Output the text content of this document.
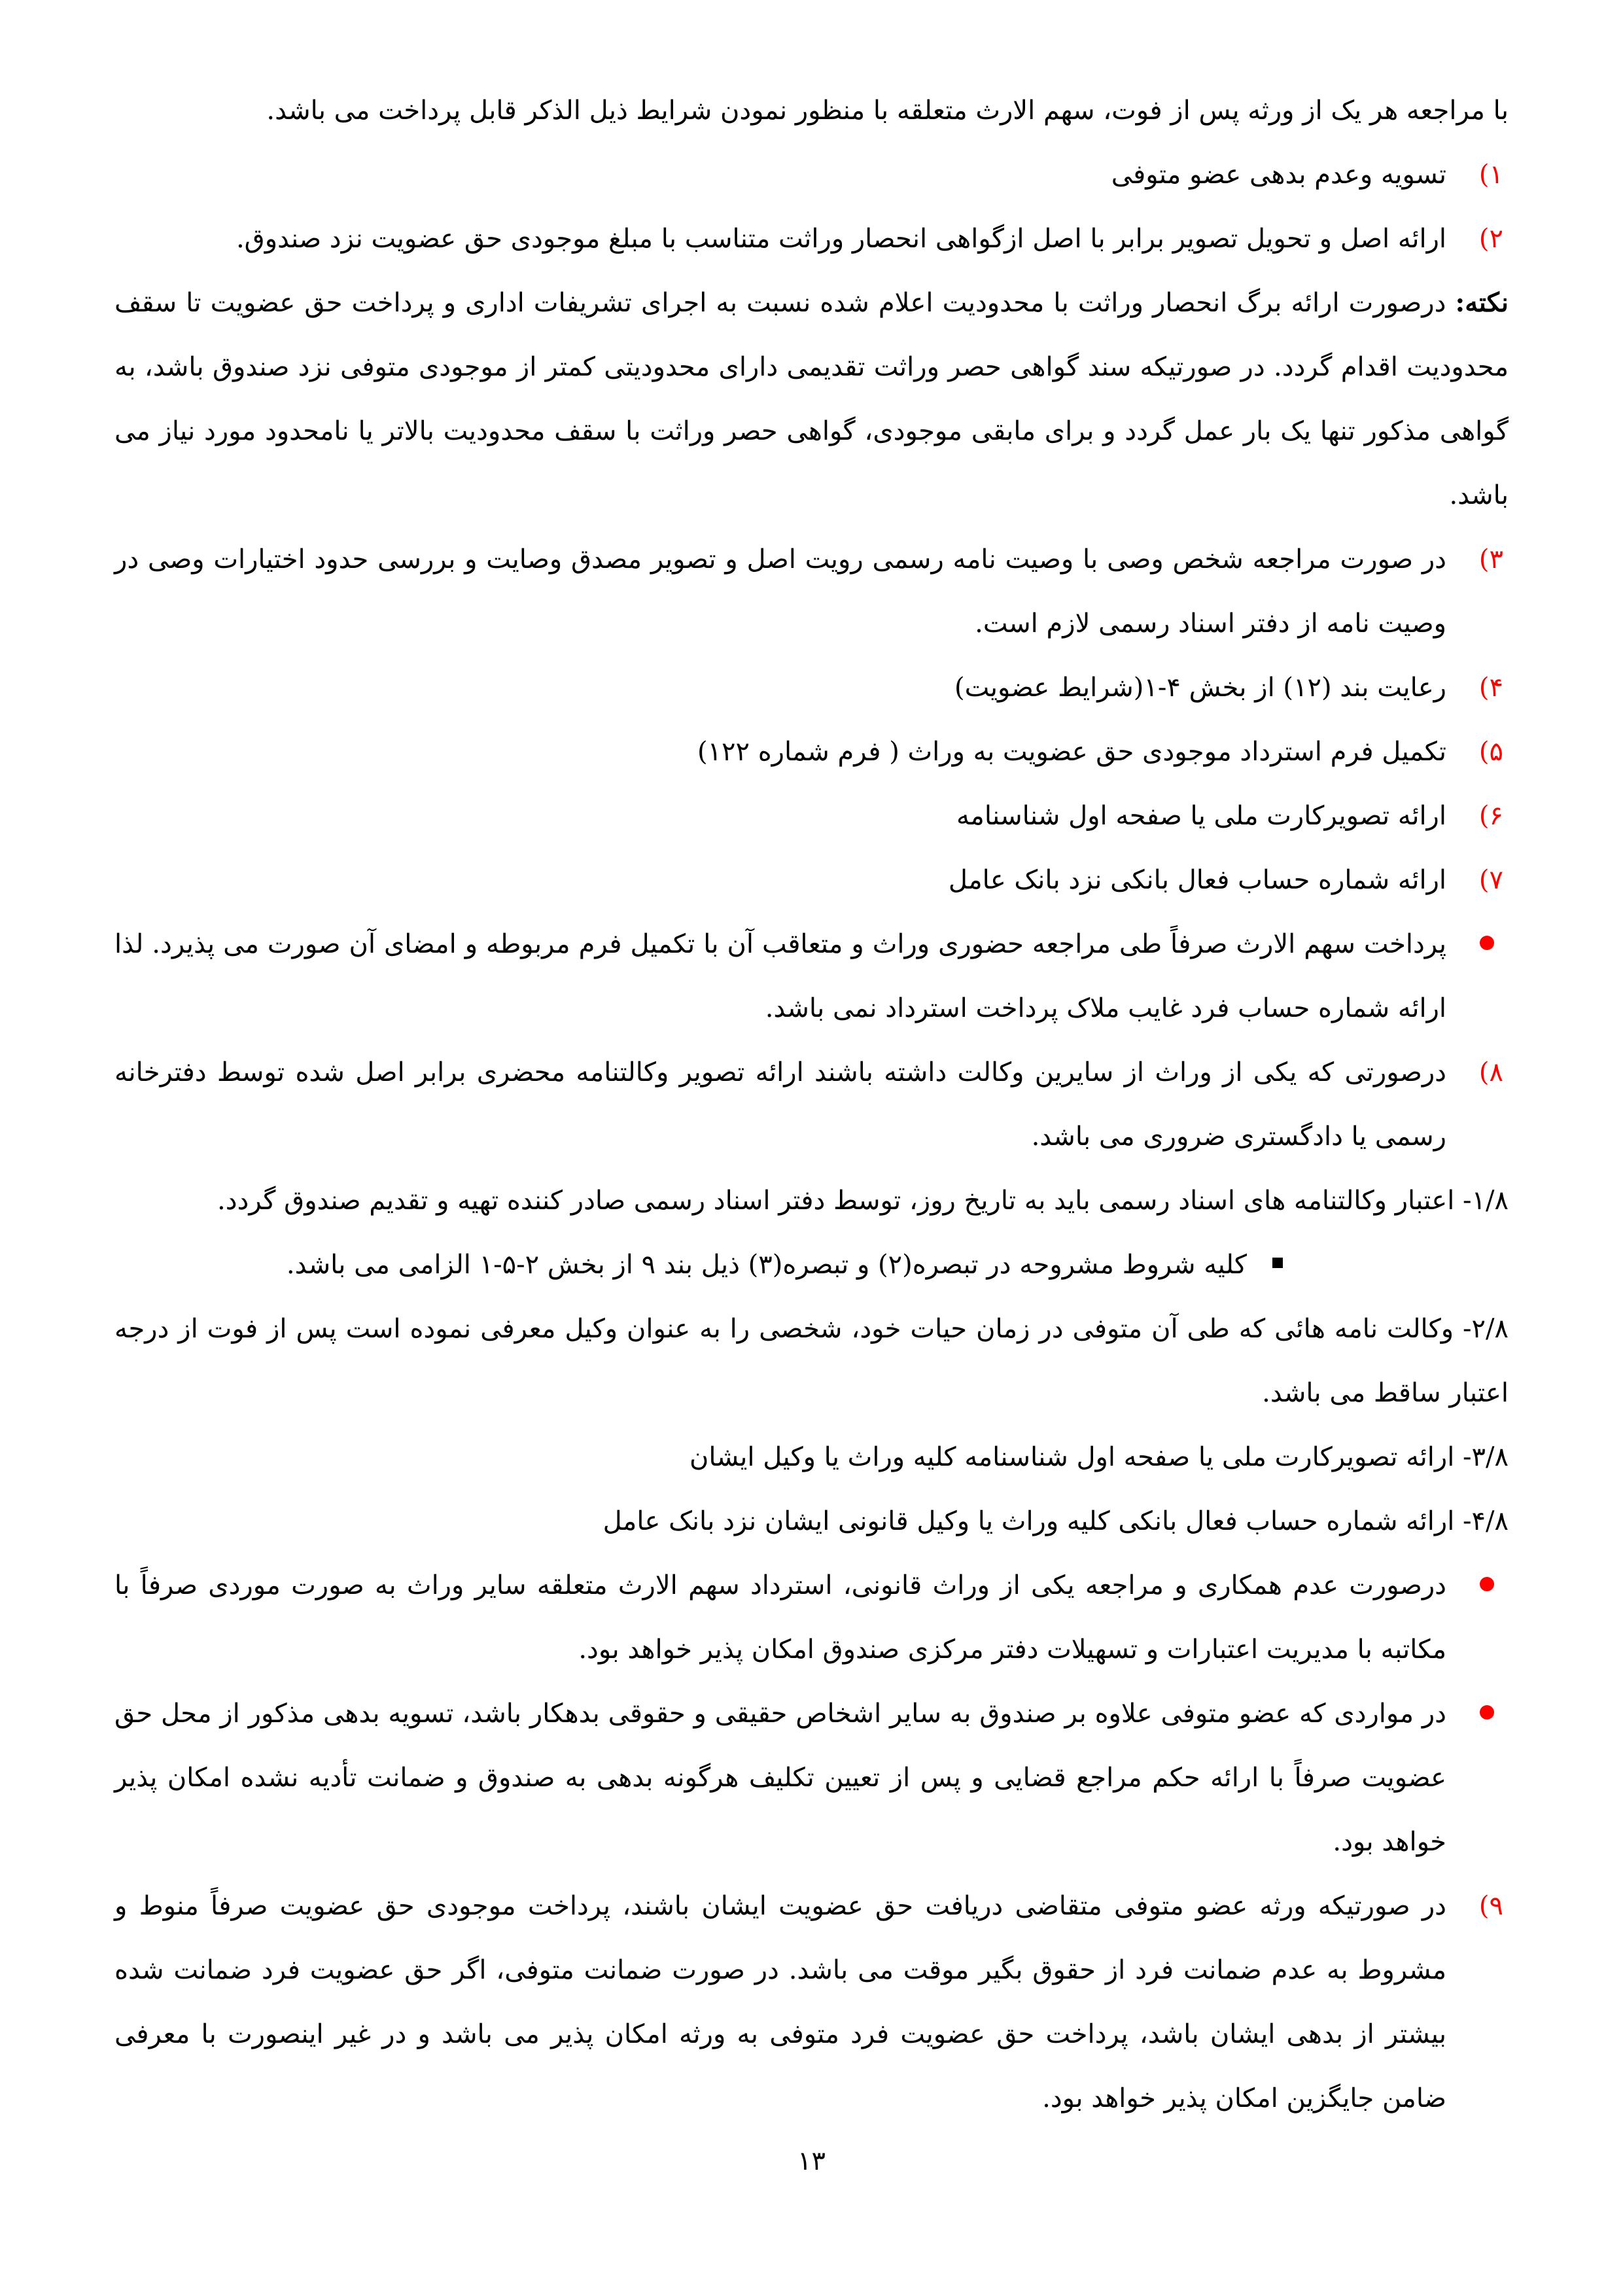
با مراجعه هر یک از ورثه پس از فوت، سهم الارث متعلقه با منظور نمودن شرایط ذیل الذکر قابل پرداخت می باشد.

۱)
تسویه وعدم بدهی عضو متوفی

۲)
ارائه اصل و تحویل تصویر برابر با اصل ازگواهی انحصار وراثت متناسب با مبلغ موجودی حق عضویت نزد صندوق.

نکته: درصورت ارائه برگ انحصار وراثت با محدودیت اعلام شده نسبت به اجرای تشریفات اداری و پرداخت حق عضویت تا سقف محدودیت اقدام گردد. در صورتیکه سند گواهی حصر وراثت تقدیمی دارای محدودیتی کمتر از موجودی متوفی نزد صندوق باشد، به گواهی مذکور تنها یک بار عمل گردد و برای مابقی موجودی، گواهی حصر وراثت با سقف محدودیت بالاتر یا نامحدود مورد نیاز می باشد.

۳)
در صورت مراجعه شخص وصی با وصیت نامه رسمی رویت اصل و تصویر مصدق وصایت و بررسی حدود اختیارات وصی در وصیت نامه از دفتر اسناد رسمی لازم است.

۴)
رعایت بند (۱۲) از بخش ۴-۱(شرایط عضویت)

۵)
تکمیل فرم استرداد موجودی حق عضویت به وراث ( فرم شماره ۱۲۲)

۶)
ارائه تصویرکارت ملی یا صفحه اول شناسنامه

۷)
ارائه شماره حساب فعال بانکی نزد بانک عامل

پرداخت سهم الارث صرفاً طی مراجعه حضوری وراث و متعاقب آن با تکمیل فرم مربوطه و امضای آن صورت می پذیرد. لذا ارائه شماره حساب فرد غایب ملاک پرداخت استرداد نمی باشد.

۸)
درصورتی که یکی از وراث از سایرین وکالت داشته باشند ارائه تصویر وکالتنامه محضری برابر اصل شده توسط دفترخانه رسمی یا دادگستری ضروری می باشد.

۱/۸- اعتبار وکالتنامه های اسناد رسمی باید به تاریخ روز، توسط دفتر اسناد رسمی صادر کننده تهیه و تقدیم صندوق گردد.

کلیه شروط مشروحه در تبصره(۲) و تبصره(۳) ذیل بند ۹ از بخش ۲-۵-۱ الزامی می باشد.

۲/۸- وکالت نامه هائی که طی آن متوفی در زمان حیات خود، شخصی را به عنوان وکیل معرفی نموده است پس از فوت از درجه اعتبار ساقط می باشد.

۳/۸- ارائه تصویرکارت ملی یا صفحه اول شناسنامه کلیه وراث یا وکیل ایشان

۴/۸- ارائه شماره حساب فعال بانکی کلیه وراث یا وکیل قانونی ایشان نزد بانک عامل

درصورت عدم همکاری و مراجعه یکی از وراث قانونی، استرداد سهم الارث متعلقه سایر وراث به صورت موردی صرفاً با مکاتبه با مدیریت اعتبارات و تسهیلات دفتر مرکزی صندوق امکان پذیر خواهد بود.

در مواردی که عضو متوفی علاوه بر صندوق به سایر اشخاص حقیقی و حقوقی بدهکار باشد، تسویه بدهی مذکور از محل حق عضویت صرفاً با ارائه حکم مراجع قضایی و پس از تعیین تکلیف هرگونه بدهی به صندوق و ضمانت تأدیه نشده امکان پذیر خواهد بود.

۹)
در صورتیکه ورثه عضو متوفی متقاضی دریافت حق عضویت ایشان باشند، پرداخت موجودی حق عضویت صرفاً منوط و مشروط به عدم ضمانت فرد از حقوق بگیر موقت می باشد. در صورت ضمانت متوفی، اگر حق عضویت فرد ضمانت شده بیشتر از بدهی ایشان باشد، پرداخت حق عضویت فرد متوفی به ورثه امکان پذیر می باشد و در غیر اینصورت با معرفی ضامن جایگزین امکان پذیر خواهد بود.

۱۳
